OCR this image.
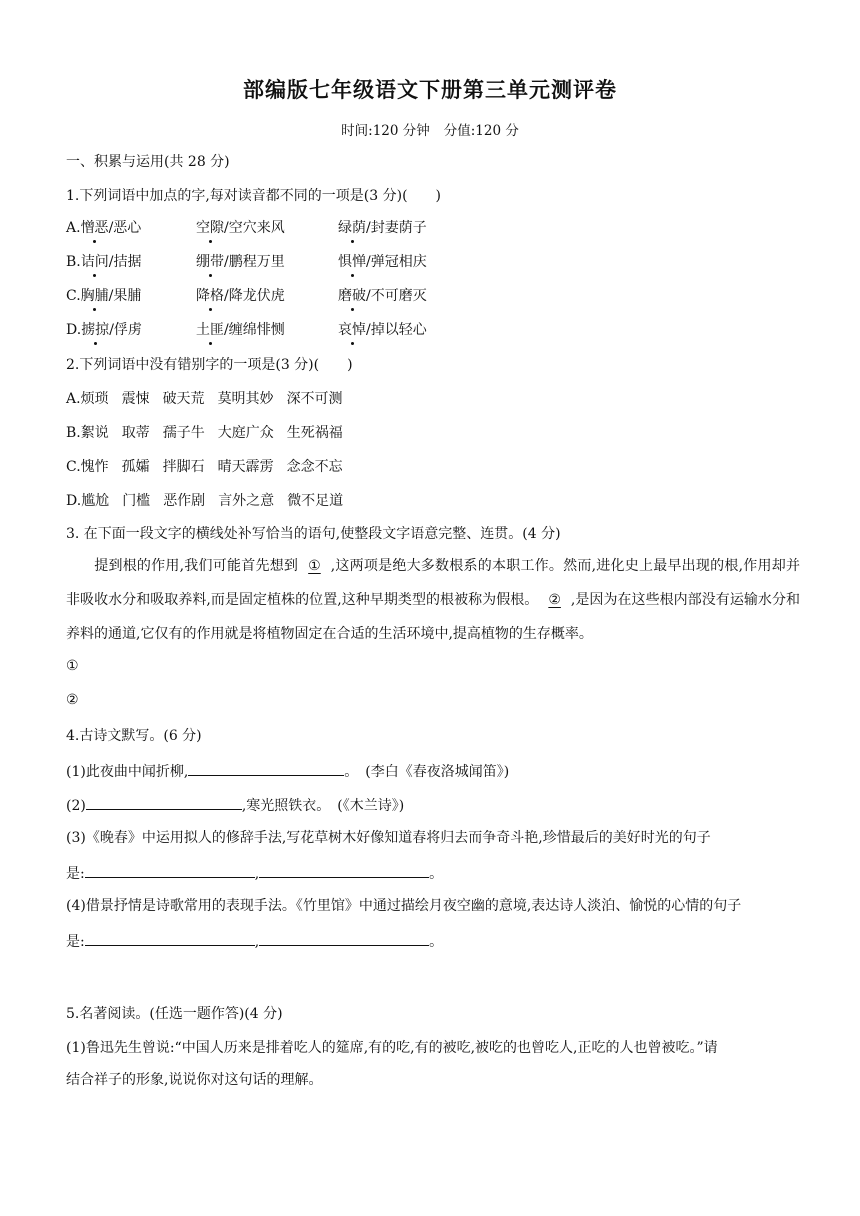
部编版七年级语文下册第三单元测评卷
时间:120 分钟 分值:120 分
一、积累与运用(共 28 分)
1.下列词语中加点的字,每对读音都不同的一项是(3 分)(　　)
A.憎恶/恶心	空隙/空穴来风	绿荫/封妻荫子
B.诘问/拮据	绷带/鹏程万里	惧惮/弹冠相庆
C.胸脯/果脯	降格/降龙伏虎	磨破/不可磨灭
D.掳掠/俘虏	土匪/缠绵悱恻	哀悼/掉以轻心
2.下列词语中没有错别字的一项是(3 分)(　　)
A.烦琐 震悚 破天荒 莫明其妙 深不可测
B.絮说 取蒂 孺子牛 大庭广众 生死祸福
C.愧怍 孤孀 拌脚石 晴天霹雳 念念不忘
D.尴尬 门槛 恶作剧 言外之意 微不足道
3. 在下面一段文字的横线处补写恰当的语句,使整段文字语意完整、连贯。(4 分)
提到根的作用,我们可能首先想到 ① ,这两项是绝大多数根系的本职工作。然而,进化史上最早出现的根,作用却并非吸收水分和吸取养料,而是固定植株的位置,这种早期类型的根被称为假根。 ② ,是因为在这些根内部没有运输水分和养料的通道,它仅有的作用就是将植物固定在合适的生活环境中,提高植物的生存概率。
①
②
4.古诗文默写。(6 分)
(1)此夜曲中闻折柳,	。　(李白《春夜洛城闻笛》)
(2)	,寒光照铁衣。　(《木兰诗》)
(3)《晚春》中运用拟人的修辞手法,写花草树木好像知道春将归去而争奇斗艳,珍惜最后的美好时光的句子
是:	,	。
(4)借景抒情是诗歌常用的表现手法。《竹里馆》中通过描绘月夜空幽的意境,表达诗人淡泊、愉悦的心情的句子
是:	,	。
5.名著阅读。(任选一题作答)(4 分)
(1)鲁迅先生曾说:“中国人历来是排着吃人的筵席,有的吃,有的被吃,被吃的也曾吃人,正吃的人也曾被吃。”请
结合祥子的形象,说说你对这句话的理解。
